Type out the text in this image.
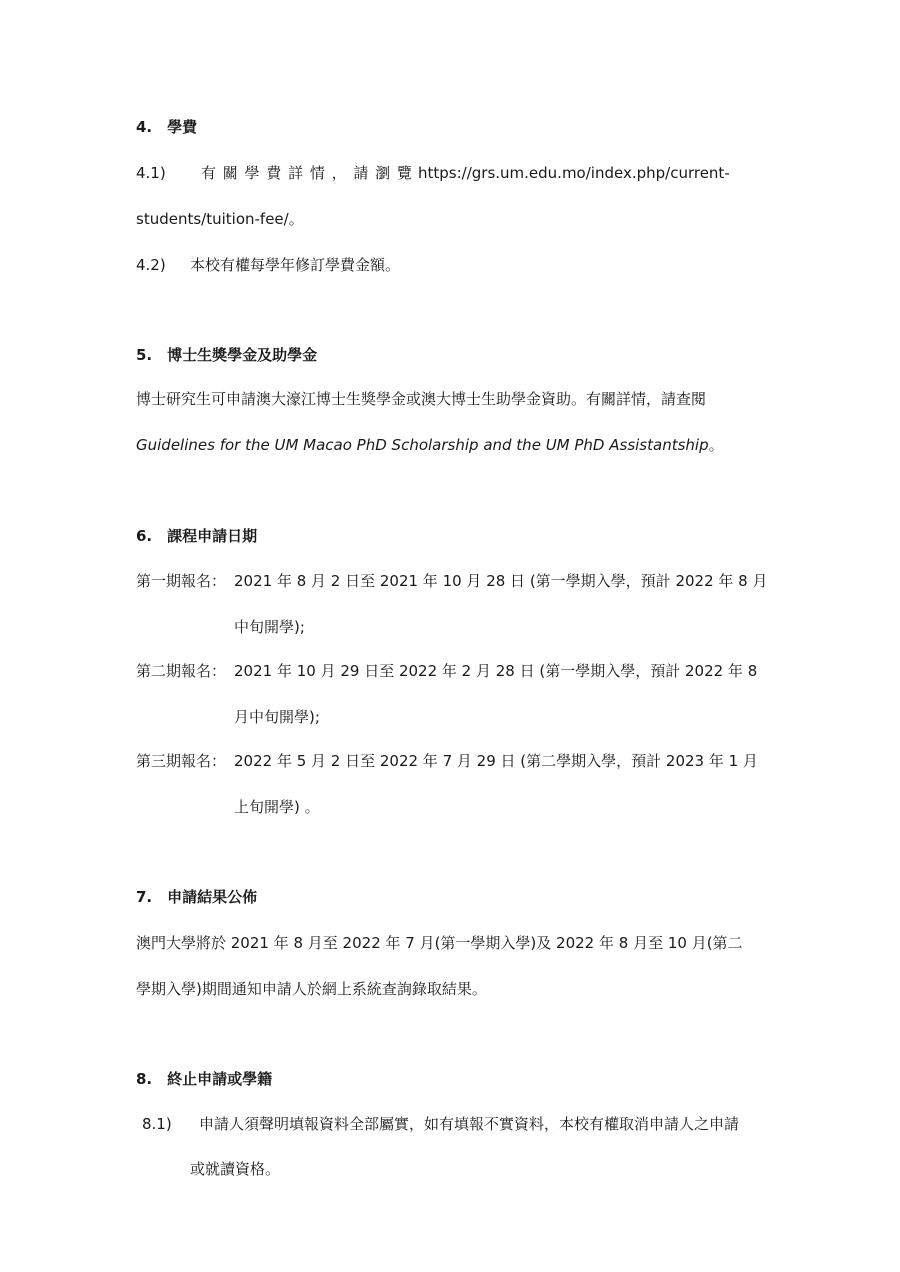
4.　學費
4.1) 有 關 學 費 詳 情 ， 請 瀏 覽 https://grs.um.edu.mo/index.php/current-
students/tuition-fee/。
4.2) 本校有權每學年修訂學費金額。
5.　博士生獎學金及助學金
博士研究生可申請澳大濠江博士生獎學金或澳大博士生助學金資助。有關詳情，請查閱
Guidelines for the UM Macao PhD Scholarship and the UM PhD Assistantship。
6.　課程申請日期
第一期報名： 2021 年 8 月 2 日至 2021 年 10 月 28 日 (第一學期入學，預計 2022 年 8 月
中旬開學);
第二期報名： 2021 年 10 月 29 日至 2022 年 2 月 28 日 (第一學期入學，預計 2022 年 8
月中旬開學);
第三期報名： 2022 年 5 月 2 日至 2022 年 7 月 29 日 (第二學期入學，預計 2023 年 1 月
上旬開學) 。
7.　申請結果公佈
澳門大學將於 2021 年 8 月至 2022 年 7 月(第一學期入學)及 2022 年 8 月至 10 月(第二
學期入學)期間通知申請人於網上系統查詢錄取結果。
8.　終止申請或學籍
8.1) 申請人須聲明填報資料全部屬實，如有填報不實資料，本校有權取消申請人之申請
或就讀資格。
